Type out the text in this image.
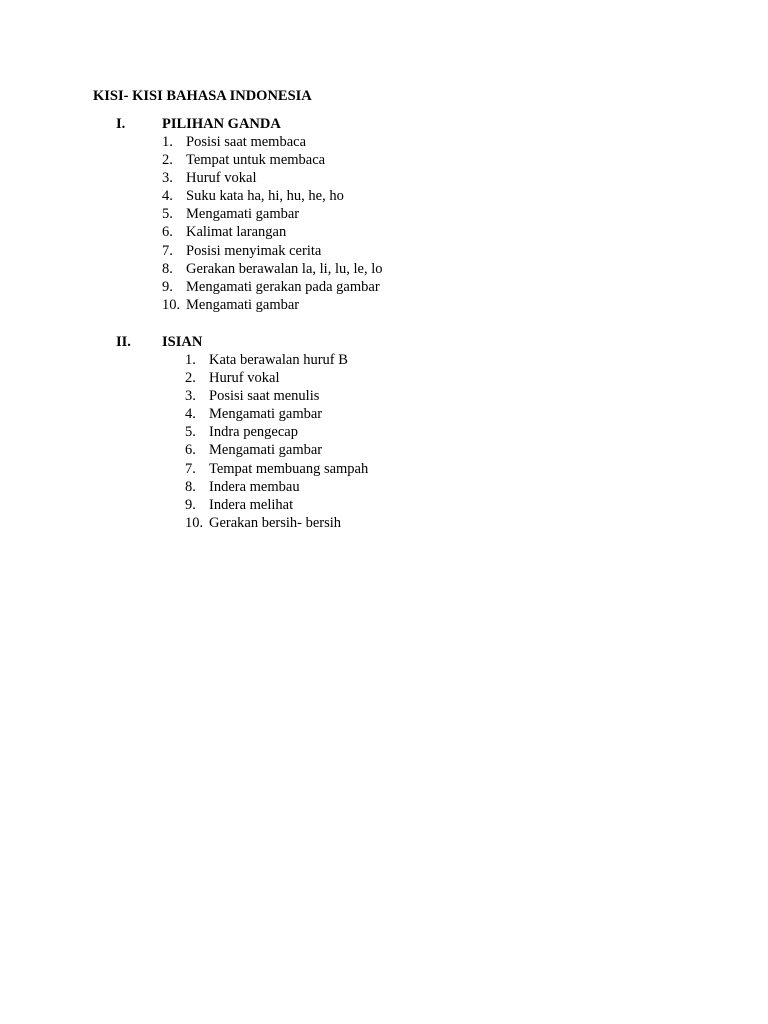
KISI- KISI BAHASA INDONESIA
I.	PILIHAN GANDA
1. Posisi saat membaca
2. Tempat untuk membaca
3. Huruf vokal
4. Suku kata ha, hi, hu, he, ho
5. Mengamati gambar
6. Kalimat larangan
7. Posisi menyimak cerita
8. Gerakan berawalan la, li, lu, le, lo
9. Mengamati gerakan pada gambar
10. Mengamati gambar
II. ISIAN
1. Kata berawalan huruf B
2. Huruf vokal
3. Posisi saat menulis
4. Mengamati gambar
5. Indra pengecap
6. Mengamati gambar
7. Tempat membuang sampah
8. Indera membau
9. Indera melihat
10. Gerakan bersih- bersih
